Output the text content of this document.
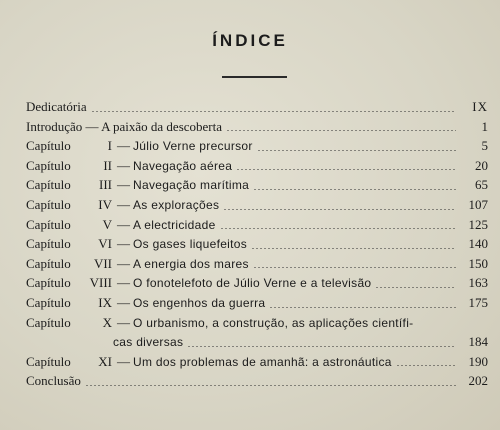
ÍNDICE
Dedicatória	IX
Introdução — A paixão da descoberta	1
Capítulo	I — Júlio Verne precursor	5
Capítulo	II — Navegação aérea	20
Capítulo	III — Navegação marítima	65
Capítulo	IV — As explorações	107
Capítulo	V — A electricidade	125
Capítulo	VI — Os gases liquefeitos	140
Capítulo	VII — A energia dos mares	150
Capítulo	VIII — O fonotelefoto de Júlio Verne e a televisão	163
Capítulo	IX — Os engenhos da guerra	175
Capítulo	X — O urbanismo, a construção, as aplicações científi-
cas diversas	184
Capítulo	XI — Um dos problemas de amanhã: a astronáutica	190
Conclusão	202
